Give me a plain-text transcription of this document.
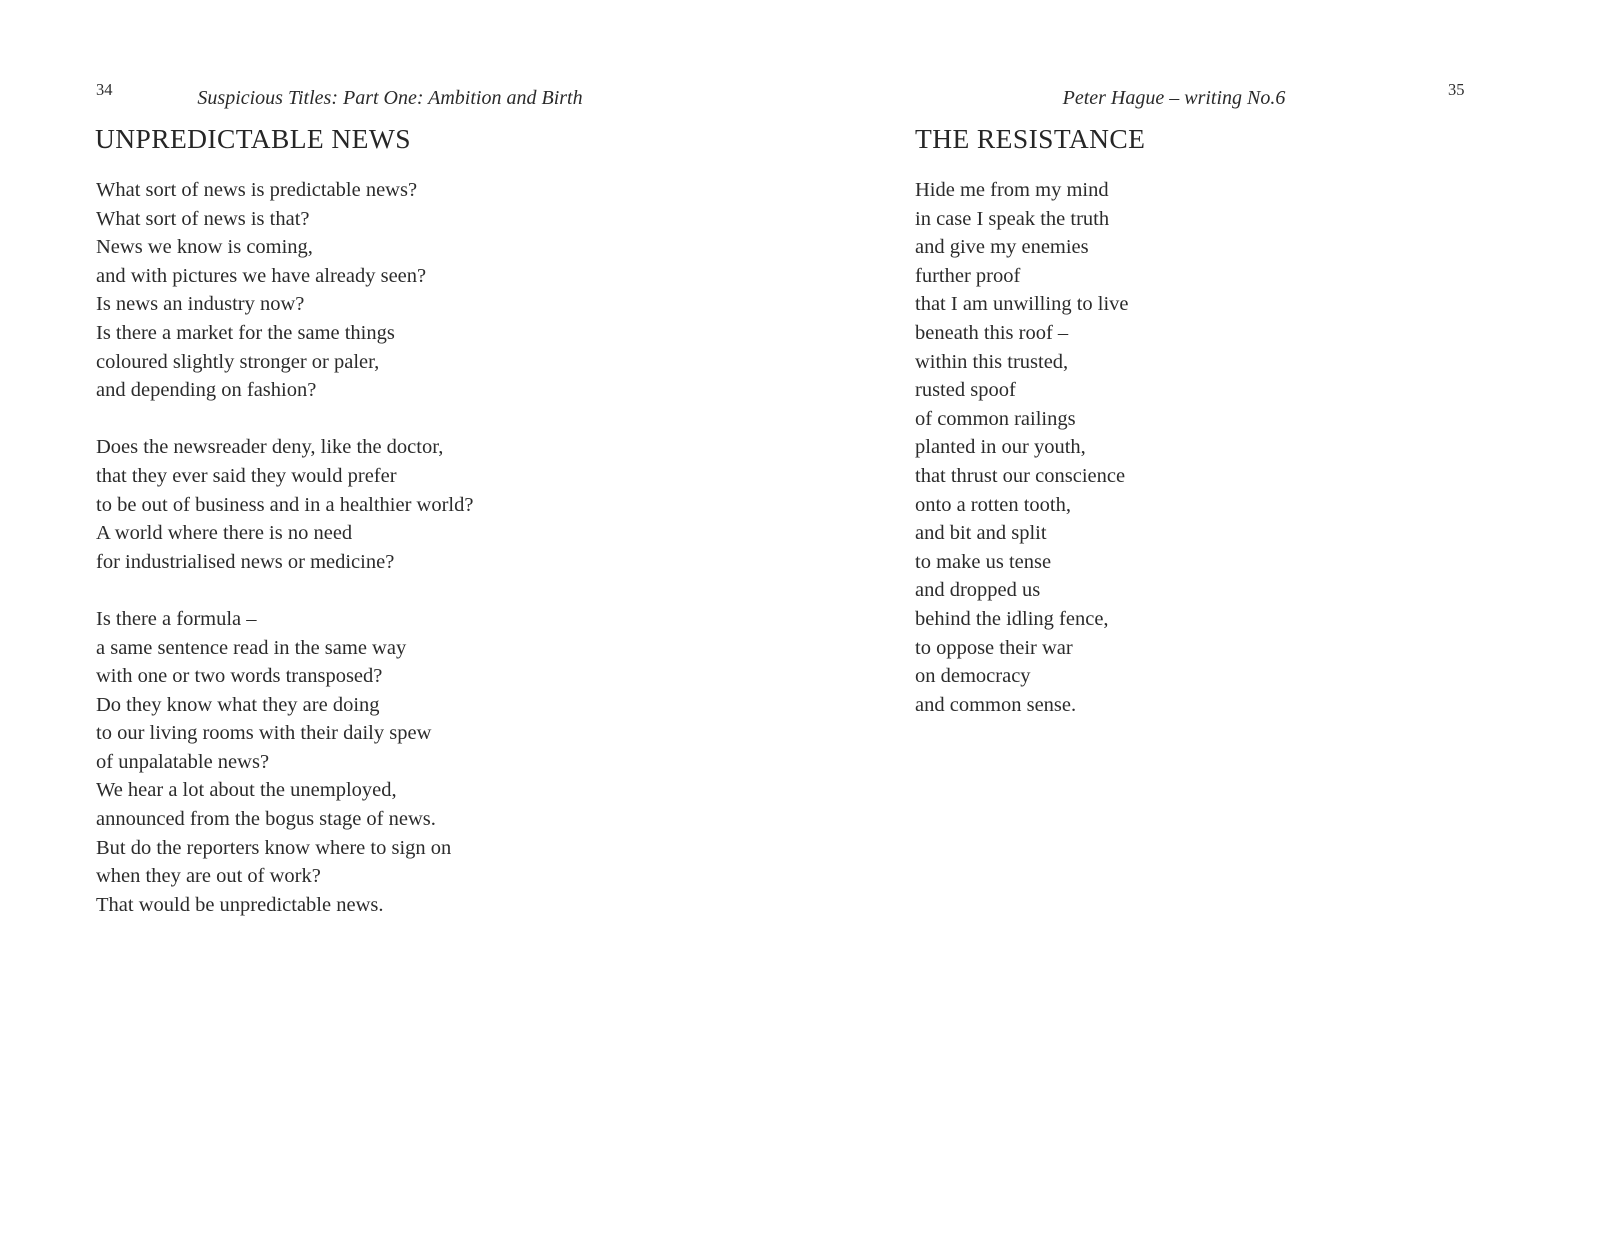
34	Suspicious Titles: Part One: Ambition and Birth
UNPREDICTABLE NEWS
What sort of news is predictable news?
What sort of news is that?
News we know is coming,
and with pictures we have already seen?
Is news an industry now?
Is there a market for the same things
coloured slightly stronger or paler,
and depending on fashion?
Does the newsreader deny, like the doctor,
that they ever said they would prefer
to be out of business and in a healthier world?
A world where there is no need
for industrialised news or medicine?
Is there a formula –
a same sentence read in the same way
with one or two words transposed?
Do they know what they are doing
to our living rooms with their daily spew
of unpalatable news?
We hear a lot about the unemployed,
announced from the bogus stage of news.
But do the reporters know where to sign on
when they are out of work?
That would be unpredictable news.
Peter Hague – writing No.6	35
THE RESISTANCE
Hide me from my mind
in case I speak the truth
and give my enemies
further proof
that I am unwilling to live
beneath this roof –
within this trusted,
rusted spoof
of common railings
planted in our youth,
that thrust our conscience
onto a rotten tooth,
and bit and split
to make us tense
and dropped us
behind the idling fence,
to oppose their war
on democracy
and common sense.
